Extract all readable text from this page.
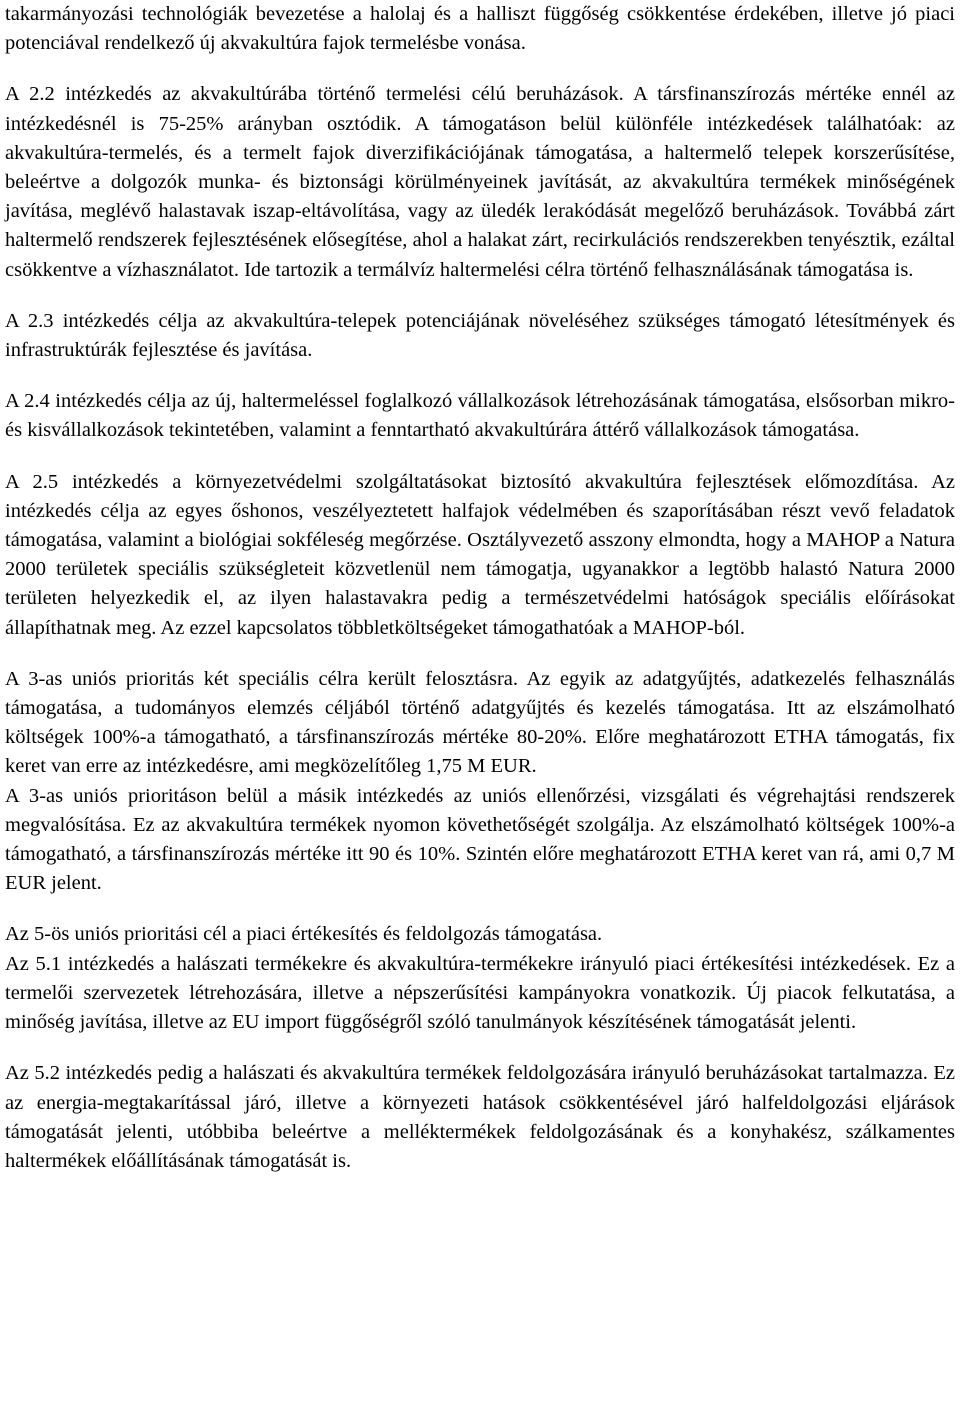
takarmányozási technológiák bevezetése a halolaj és a halliszt függőség csökkentése érdekében, illetve jó piaci potenciával rendelkező új akvakultúra fajok termelésbe vonása.

A 2.2 intézkedés az akvakultúrába történő termelési célú beruházások. A társfinanszírozás mértéke ennél az intézkedésnél is 75-25% arányban osztódik. A támogatáson belül különféle intézkedések találhatóak: az akvakultúra-termelés, és a termelt fajok diverzifikációjának támogatása, a haltermelő telepek korszerűsítése, beleértve a dolgozók munka- és biztonsági körülményeinek javítását, az akvakultúra termékek minőségének javítása, meglévő halastavak iszap-eltávolítása, vagy az üledék lerakódását megelőző beruházások. Továbbá zárt haltermelő rendszerek fejlesztésének elősegítése, ahol a halakat zárt, recirkulációs rendszerekben tenyésztik, ezáltal csökkentve a vízhasználatot. Ide tartozik a termálvíz haltermelési célra történő felhasználásának támogatása is.

A 2.3 intézkedés célja az akvakultúra-telepek potenciájának növeléséhez szükséges támogató létesítmények és infrastruktúrák fejlesztése és javítása.

A 2.4 intézkedés célja az új, haltermeléssel foglalkozó vállalkozások létrehozásának támogatása, elsősorban mikro- és kisvállalkozások tekintetében, valamint a fenntartható akvakultúrára áttérő vállalkozások támogatása.

A 2.5 intézkedés a környezetvédelmi szolgáltatásokat biztosító akvakultúra fejlesztések előmozdítása. Az intézkedés célja az egyes őshonos, veszélyeztetett halfajok védelmében és szaporításában részt vevő feladatok támogatása, valamint a biológiai sokféleség megőrzése. Osztályvezető asszony elmondta, hogy a MAHOP a Natura 2000 területek speciális szükségleteit közvetlenül nem támogatja, ugyanakkor a legtöbb halastó Natura 2000 területen helyezkedik el, az ilyen halastavakra pedig a természetvédelmi hatóságok speciális előírásokat állapíthatnak meg. Az ezzel kapcsolatos többletköltségeket támogathatóak a MAHOP-ból.

A 3-as uniós prioritás két speciális célra került felosztásra. Az egyik az adatgyűjtés, adatkezelés felhasználás támogatása, a tudományos elemzés céljából történő adatgyűjtés és kezelés támogatása. Itt az elszámolható költségek 100%-a támogatható, a társfinanszírozás mértéke 80-20%. Előre meghatározott ETHA támogatás, fix keret van erre az intézkedésre, ami megközelítőleg 1,75 M EUR.

A 3-as uniós prioritáson belül a másik intézkedés az uniós ellenőrzési, vizsgálati és végrehajtási rendszerek megvalósítása. Ez az akvakultúra termékek nyomon követhetőségét szolgálja. Az elszámolható költségek 100%-a támogatható, a társfinanszírozás mértéke itt 90 és 10%. Szintén előre meghatározott ETHA keret van rá, ami 0,7 M EUR jelent.

Az 5-ös uniós prioritási cél a piaci értékesítés és feldolgozás támogatása.

Az 5.1 intézkedés a halászati termékekre és akvakultúra-termékekre irányuló piaci értékesítési intézkedések. Ez a termelői szervezetek létrehozására, illetve a népszerűsítési kampányokra vonatkozik. Új piacok felkutatása, a minőség javítása, illetve az EU import függőségről szóló tanulmányok készítésének támogatását jelenti.

Az 5.2 intézkedés pedig a halászati és akvakultúra termékek feldolgozására irányuló beruházásokat tartalmazza. Ez az energia-megtakarítással járó, illetve a környezeti hatások csökkentésével járó halfeldolgozási eljárások támogatását jelenti, utóbbiba beleértve a melléktermékek feldolgozásának és a konyhakész, szálkamentes haltermékek előállításának támogatását is.
